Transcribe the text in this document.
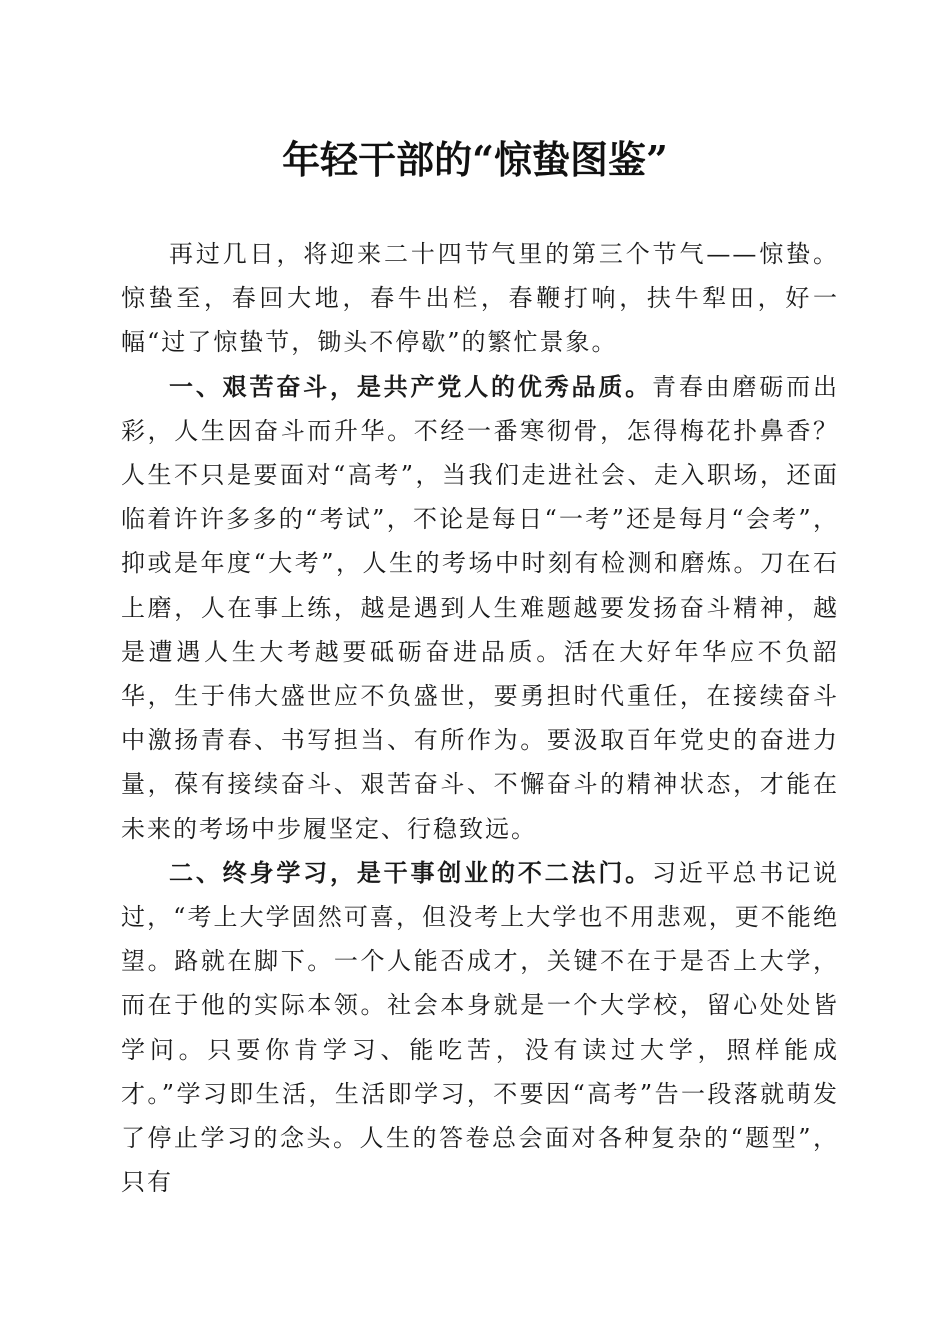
年轻干部的“惊蛰图鉴”

再过几日，将迎来二十四节气里的第三个节气——惊蛰。惊蛰至，春回大地，春牛出栏，春鞭打响，扶牛犁田，好一幅“过了惊蛰节，锄头不停歇”的繁忙景象。

一、艰苦奋斗，是共产党人的优秀品质。青春由磨砺而出彩，人生因奋斗而升华。不经一番寒彻骨，怎得梅花扑鼻香？人生不只是要面对“高考”，当我们走进社会、走入职场，还面临着许许多多的“考试”，不论是每日“一考”还是每月“会考”，抑或是年度“大考”，人生的考场中时刻有检测和磨炼。刀在石上磨，人在事上练，越是遇到人生难题越要发扬奋斗精神，越是遭遇人生大考越要砥砺奋进品质。活在大好年华应不负韶华，生于伟大盛世应不负盛世，要勇担时代重任，在接续奋斗中激扬青春、书写担当、有所作为。要汲取百年党史的奋进力量，葆有接续奋斗、艰苦奋斗、不懈奋斗的精神状态，才能在未来的考场中步履坚定、行稳致远。

二、终身学习，是干事创业的不二法门。习近平总书记说过，“考上大学固然可喜，但没考上大学也不用悲观，更不能绝望。路就在脚下。一个人能否成才，关键不在于是否上大学，而在于他的实际本领。社会本身就是一个大学校，留心处处皆学问。只要你肯学习、能吃苦，没有读过大学，照样能成才。”学习即生活，生活即学习，不要因“高考”告一段落就萌发了停止学习的念头。人生的答卷总会面对各种复杂的“题型”，只有
